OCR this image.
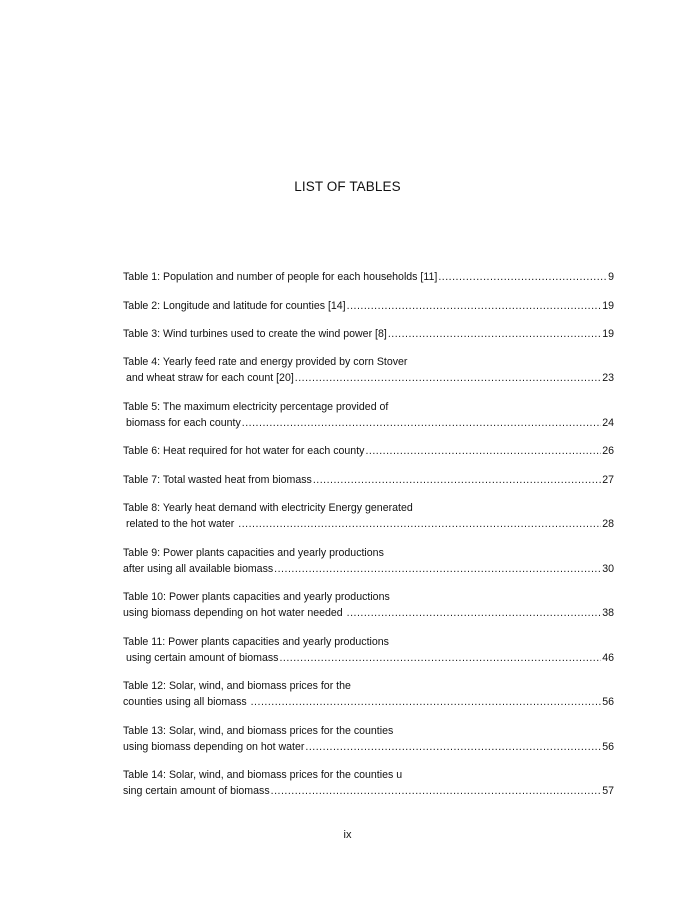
LIST OF TABLES
Table 1: Population and number of people for each households [11] .....	9
Table 2: Longitude and latitude for counties [14] .....	19
Table 3: Wind turbines used to create the wind power [8] .....	19
Table 4: Yearly feed rate and energy provided by corn Stover
and wheat straw for each count [20] .....	23
Table 5: The maximum electricity percentage provided of
biomass for each county .....	24
Table 6: Heat required for hot water for each county .....	26
Table 7: Total wasted heat from biomass .....	27
Table 8: Yearly heat demand with electricity Energy generated
related to the hot water .....	28
Table 9: Power plants capacities and yearly productions
after using all available biomass .....	30
Table 10: Power plants capacities and yearly productions
using biomass depending on hot water needed .....	38
Table 11: Power plants capacities and yearly productions
using certain amount of biomass .....	46
Table 12: Solar, wind, and biomass prices for the
counties using all biomass .....	56
Table 13: Solar, wind, and biomass prices for the counties
using biomass depending on hot water .....	56
Table 14: Solar, wind, and biomass prices for the counties u
sing certain amount of biomass .....	57
ix
